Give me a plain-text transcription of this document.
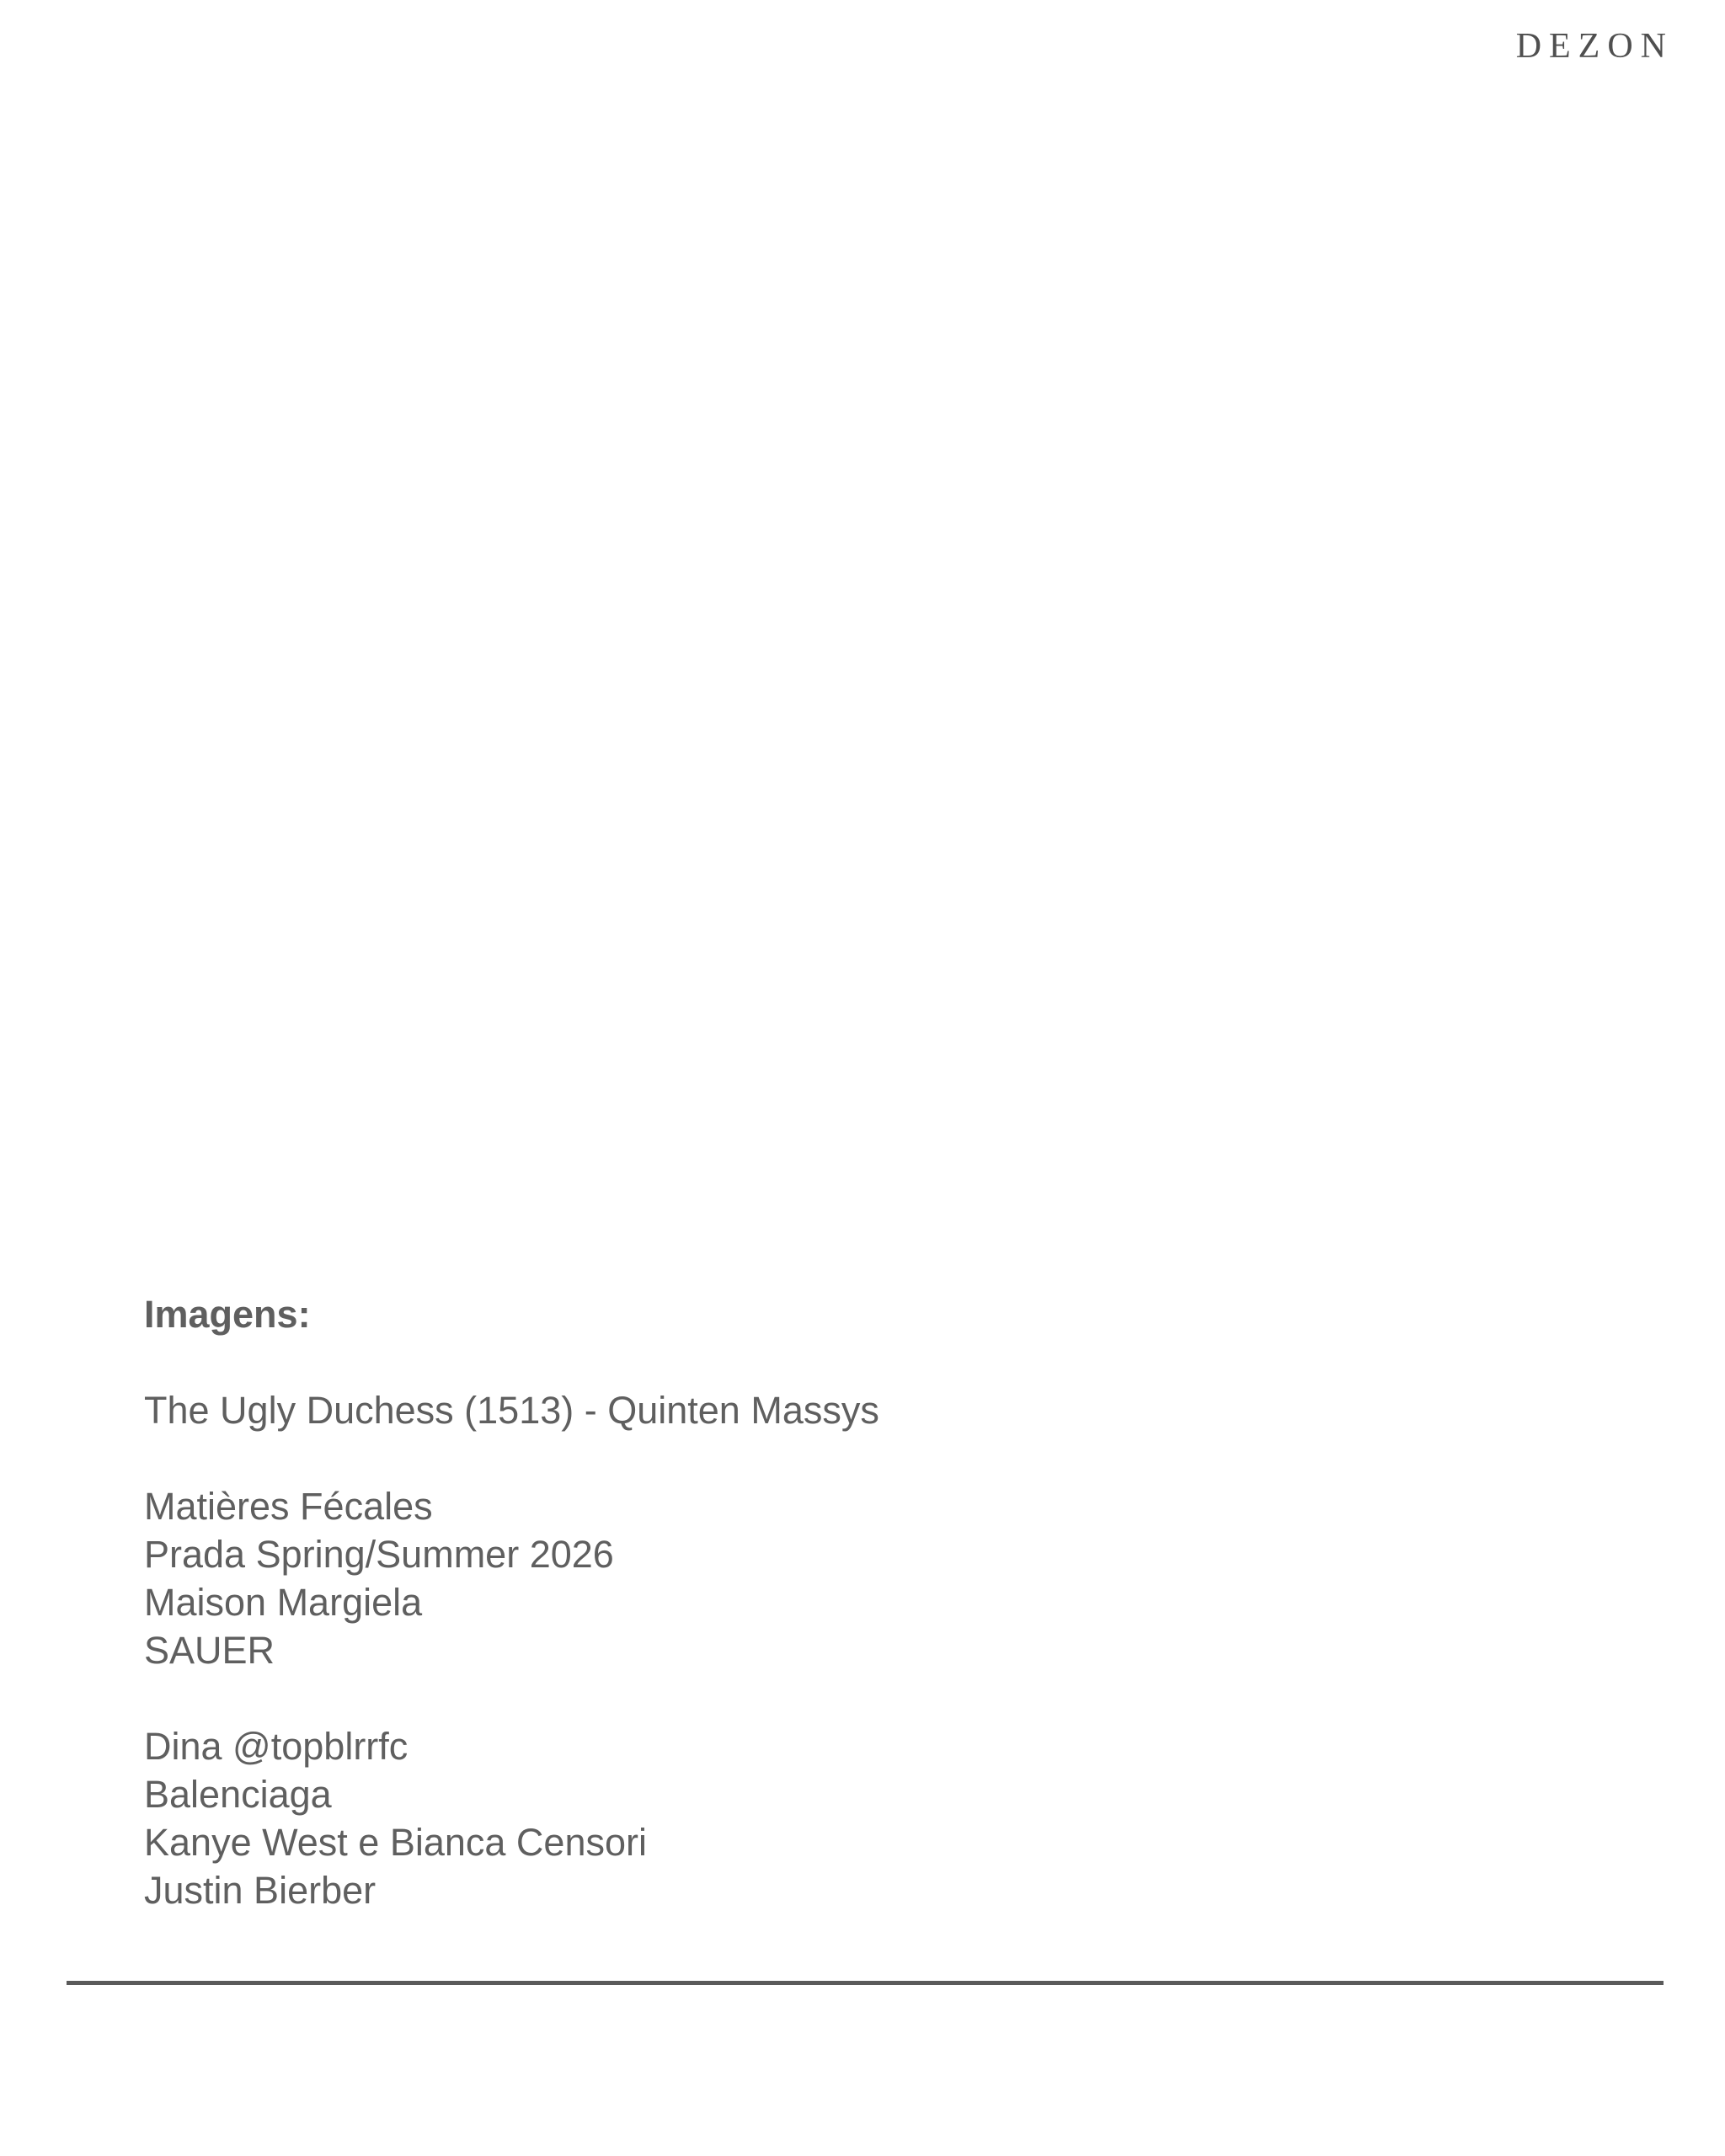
DEZON
Imagens:
The Ugly Duchess (1513) - Quinten Massys
Matières Fécales
Prada Spring/Summer 2026
Maison Margiela
SAUER
Dina @topblrrfc
Balenciaga
Kanye West e Bianca Censori
Justin Bierber
